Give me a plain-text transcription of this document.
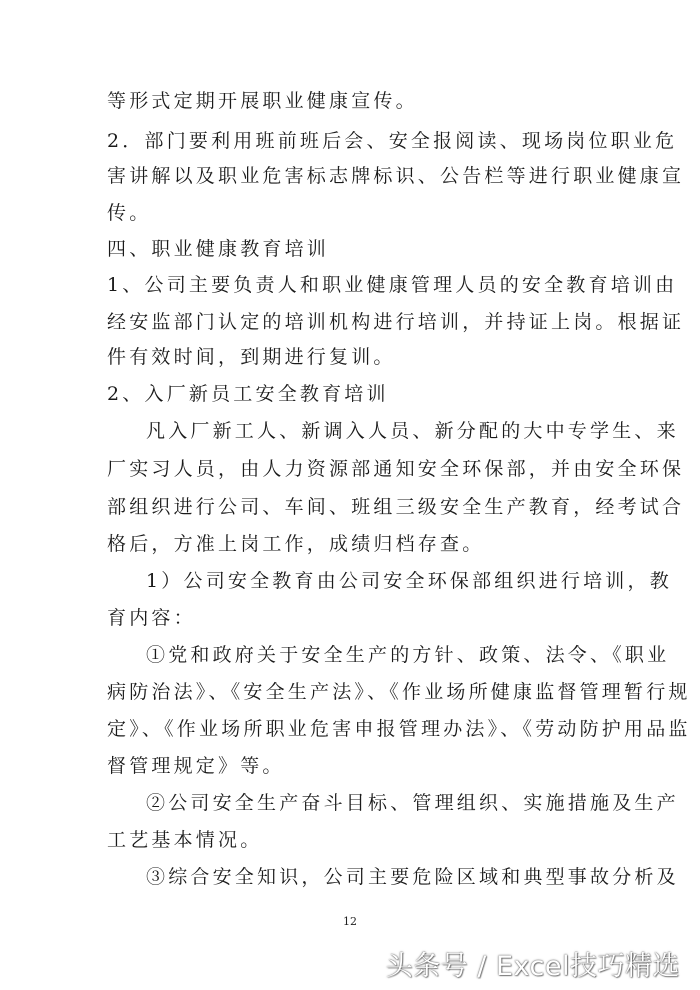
等形式定期开展职业健康宣传。
2．部门要利用班前班后会、安全报阅读、现场岗位职业危
害讲解以及职业危害标志牌标识、公告栏等进行职业健康宣
传。
四、职业健康教育培训
1、公司主要负责人和职业健康管理人员的安全教育培训由
经安监部门认定的培训机构进行培训，并持证上岗。根据证
件有效时间，到期进行复训。
2、入厂新员工安全教育培训
凡入厂新工人、新调入人员、新分配的大中专学生、来
厂实习人员，由人力资源部通知安全环保部，并由安全环保
部组织进行公司、车间、班组三级安全生产教育，经考试合
格后，方准上岗工作，成绩归档存查。
1）公司安全教育由公司安全环保部组织进行培训，教
育内容：
①党和政府关于安全生产的方针、政策、法令、《职业
病防治法》、《安全生产法》、《作业场所健康监督管理暂行规
定》、《作业场所职业危害申报管理办法》、《劳动防护用品监
督管理规定》等。
②公司安全生产奋斗目标、管理组织、实施措施及生产
工艺基本情况。
③综合安全知识，公司主要危险区域和典型事故分析及
12
头条号 / Excel技巧精选
